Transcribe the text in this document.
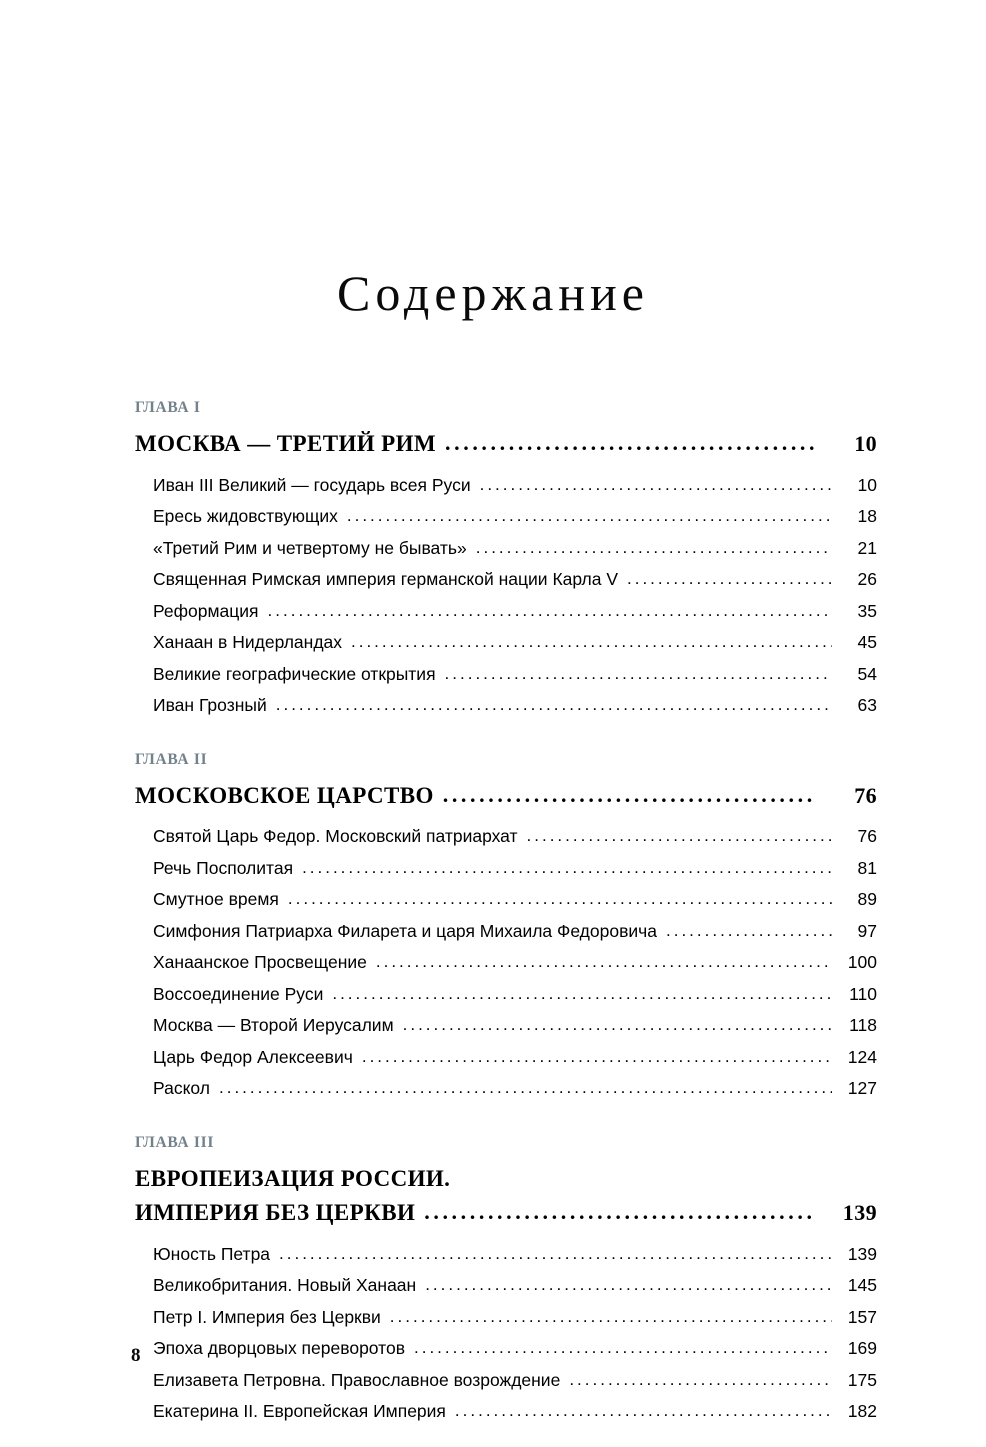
Содержание
ГЛАВА I
МОСКВА — ТРЕТИЙ РИМ .....	10
Иван III Великий — государь всея Руси .....	10
Ересь жидовствующих .....	18
«Третий Рим и четвертому не бывать» .....	21
Священная Римская империя германской нации Карла V .....	26
Реформация .....	35
Ханаан в Нидерландах .....	45
Великие географические открытия .....	54
Иван Грозный .....	63
ГЛАВА II
МОСКОВСКОЕ ЦАРСТВО .....	76
Святой Царь Федор. Московский патриархат .....	76
Речь Посполитая .....	81
Смутное время .....	89
Симфония Патриарха Филарета и царя Михаила Федоровича .....	97
Ханаанское Просвещение .....	100
Воссоединение Руси .....	110
Москва — Второй Иерусалим .....	118
Царь Федор Алексеевич .....	124
Раскол .....	127
ГЛАВА III
ЕВРОПЕИЗАЦИЯ РОССИИ.
ИМПЕРИЯ БЕЗ ЦЕРКВИ .....	139
Юность Петра .....	139
Великобритания. Новый Ханаан .....	145
Петр I. Империя без Церкви .....	157
Эпоха дворцовых переворотов .....	169
Елизавета Петровна. Православное возрождение .....	175
Екатерина II. Европейская Империя .....	182
8
